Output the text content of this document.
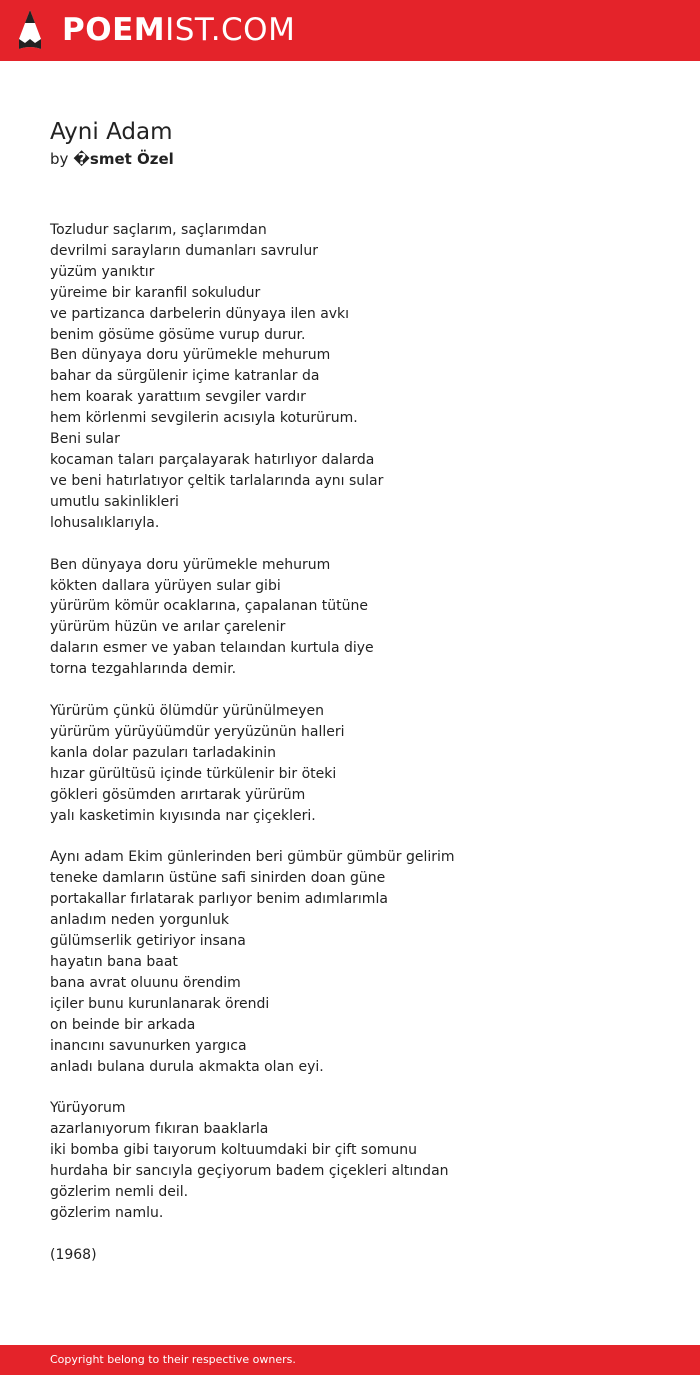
POEMIST.COM
Ayni Adam
by �smet Özel
Tozludur saçlarım, saçlarımdan
devrilmi sarayların dumanları savrulur
yüzüm yanıktır
yüreime bir karanfil sokuludur
ve partizanca darbelerin dünyaya ilen avkı
benim gösüme gösüme vurup durur.
Ben dünyaya doru yürümekle mehurum
bahar da sürgülenir içime katranlar da
hem koarak yarattıım sevgiler vardır
hem körlenmi sevgilerin acısıyla koturürum.
Beni sular
kocaman taları parçalayarak hatırlıyor dalarda
ve beni hatırlatıyor çeltik tarlalarında aynı sular
umutlu sakinlikleri
lohusalıklarıyla.
Ben dünyaya doru yürümekle mehurum
kökten dallara yürüyen sular gibi
yürürüm kömür ocaklarına, çapalanan tütüne
yürürüm hüzün ve arılar çarelenir
daların esmer ve yaban telaından kurtula diye
torna tezgahlarında demir.
Yürürüm çünkü ölümdür yürünülmeyen
yürürüm yürüyüümdür yeryüzünün halleri
kanla dolar pazuları tarladakinin
hızar gürültüsü içinde türkülenir bir öteki
gökleri gösümden arırtarak yürürüm
yalı kasketimin kıyısında nar çiçekleri.
Aynı adam Ekim günlerinden beri gümbür gümbür gelirim
teneke damların üstüne safi sinirden doan güne
portakallar fırlatarak parlıyor benim adımlarımla
anladım neden yorgunluk
gülümserlik getiriyor insana
hayatın bana baat
bana avrat oluunu örendim
içiler bunu kurunlanarak örendi
on beinde bir arkada
inancını savunurken yargıca
anladı bulana durula akmakta olan eyi.
Yürüyorum
azarlanıyorum fıkıran baaklarla
iki bomba gibi taıyorum koltuumdaki bir çift somunu
hurdaha bir sancıyla geçiyorum badem çiçekleri altından
gözlerim nemli deil.
gözlerim namlu.
(1968)
Copyright belong to their respective owners.
